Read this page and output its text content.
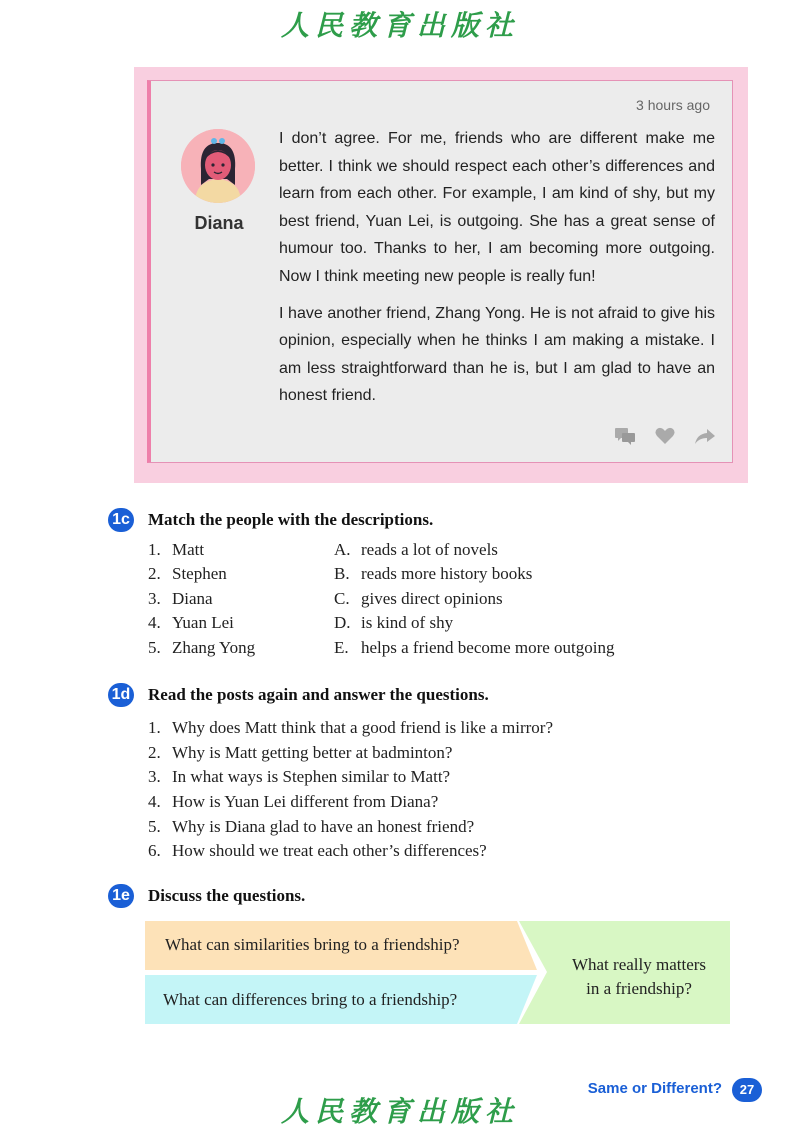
人民教育出版社
3 hours ago
Diana

I don’t agree. For me, friends who are different make me better. I think we should respect each other’s differences and learn from each other. For example, I am kind of shy, but my best friend, Yuan Lei, is outgoing. She has a great sense of humour too. Thanks to her, I am becoming more outgoing. Now I think meeting new people is really fun!

I have another friend, Zhang Yong. He is not afraid to give his opinion, especially when he thinks I am making a mistake. I am less straightforward than he is, but I am glad to have an honest friend.

1c Match the people with the descriptions.
1. Matt	A. reads a lot of novels
2. Stephen	B. reads more history books
3. Diana	C. gives direct opinions
4. Yuan Lei	D. is kind of shy
5. Zhang Yong	E. helps a friend become more outgoing
1d Read the posts again and answer the questions.
1. Why does Matt think that a good friend is like a mirror?
2. Why is Matt getting better at badminton?
3. In what ways is Stephen similar to Matt?
4. How is Yuan Lei different from Diana?
5. Why is Diana glad to have an honest friend?
6. How should we treat each other’s differences?
1e Discuss the questions.
What really matters
in a friendship?
What can similarities bring to a friendship?
What can differences bring to a friendship?
Same or Different?	27
人民教育出版社
